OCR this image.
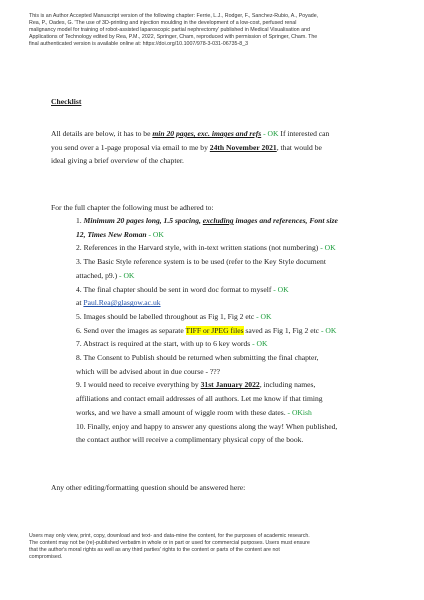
This is an Author Accepted Manuscript version of the following chapter: Ferrie, L.J., Rodger, F., Sanchez-Rubio, A., Poyade,
Rea, P., Oades, G. 'The use of 3D-printing and injection moulding in the development of a low-cost, perfused renal
malignancy model for training of robot-assisted laparoscopic partial nephrectomy' published in Medical Visualisation and
Applications of Technology edited by Rea, P.M., 2022, Springer, Cham, reproduced with permission of Springer, Cham. The
final authenticated version is available online at: https://doi.org/10.1007/978-3-031-06735-8_3
Checklist
All details are below, it has to be min 20 pages, exc. images and refs - OK If interested can
you send over a 1-page proposal via email to me by 24th November 2021, that would be
ideal giving a brief overview of the chapter.
For the full chapter the following must be adhered to:
1. Minimum 20 pages long, 1.5 spacing, excluding images and references, Font size
12, Times New Roman - OK
2. References in the Harvard style, with in-text written stations (not numbering) - OK
3. The Basic Style reference system is to be used (refer to the Key Style document
attached, p9.) - OK
4. The final chapter should be sent in word doc format to myself - OK
at Paul.Rea@glasgow.ac.uk
5. Images should be labelled throughout as Fig 1, Fig 2 etc - OK
6. Send over the images as separate TIFF or JPEG files saved as Fig 1, Fig 2 etc - OK
7. Abstract is required at the start, with up to 6 key words - OK
8. The Consent to Publish should be returned when submitting the final chapter,
which will be advised about in due course - ???
9. I would need to receive everything by 31st January 2022, including names,
affiliations and contact email addresses of all authors. Let me know if that timing
works, and we have a small amount of wiggle room with these dates. - OKish
10. Finally, enjoy and happy to answer any questions along the way! When published,
the contact author will receive a complimentary physical copy of the book.
Any other editing/formatting question should be answered here:
Users may only view, print, copy, download and text- and data-mine the content, for the purposes of academic research.
The content may not be (re)-published verbatim in whole or in part or used for commercial purposes. Users must ensure
that the author's moral rights as well as any third parties' rights to the content or parts of the content are not
compromised.
